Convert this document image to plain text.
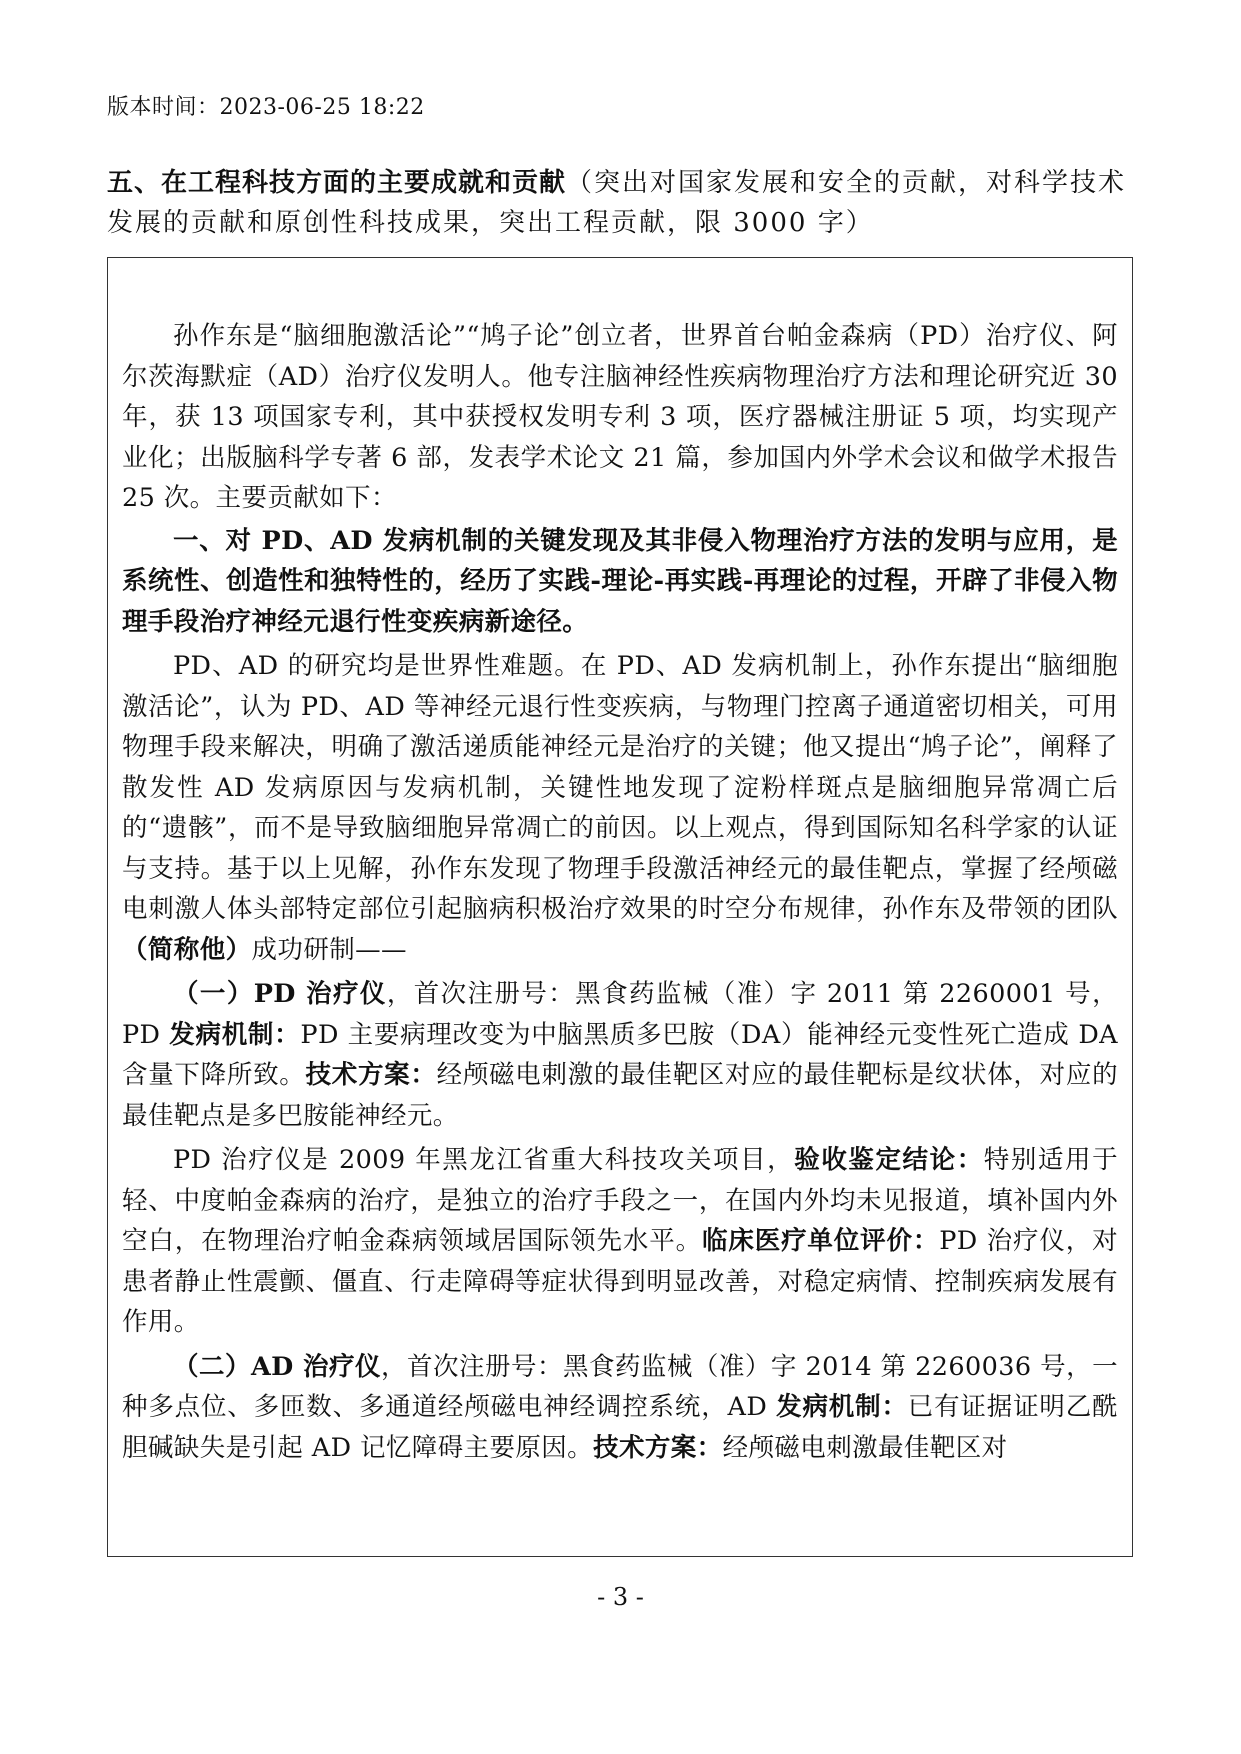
版本时间：2023-06-25 18:22
五、在工程科技方面的主要成就和贡献（突出对国家发展和安全的贡献，对科学技术发展的贡献和原创性科技成果，突出工程贡献，限 3000 字）

孙作东是“脑细胞激活论”“鸠子论”创立者，世界首台帕金森病（PD）治疗仪、阿尔茨海默症（AD）治疗仪发明人。他专注脑神经性疾病物理治疗方法和理论研究近 30 年，获 13 项国家专利，其中获授权发明专利 3 项，医疗器械注册证 5 项，均实现产业化；出版脑科学专著 6 部，发表学术论文 21 篇，参加国内外学术会议和做学术报告 25 次。主要贡献如下：

一、对 PD、AD 发病机制的关键发现及其非侵入物理治疗方法的发明与应用，是系统性、创造性和独特性的，经历了实践-理论-再实践-再理论的过程，开辟了非侵入物理手段治疗神经元退行性变疾病新途径。

PD、AD 的研究均是世界性难题。在 PD、AD 发病机制上，孙作东提出“脑细胞激活论”，认为 PD、AD 等神经元退行性变疾病，与物理门控离子通道密切相关，可用物理手段来解决，明确了激活递质能神经元是治疗的关键；他又提出“鸠子论”，阐释了散发性 AD 发病原因与发病机制，关键性地发现了淀粉样斑点是脑细胞异常凋亡后的“遗骸”，而不是导致脑细胞异常凋亡的前因。以上观点，得到国际知名科学家的认证与支持。基于以上见解，孙作东发现了物理手段激活神经元的最佳靶点，掌握了经颅磁电刺激人体头部特定部位引起脑病积极治疗效果的时空分布规律，孙作东及带领的团队（简称他）成功研制——

（一）PD 治疗仪，首次注册号：黑食药监械（准）字 2011 第 2260001 号，PD 发病机制：PD 主要病理改变为中脑黑质多巴胺（DA）能神经元变性死亡造成 DA 含量下降所致。技术方案：经颅磁电刺激的最佳靶区对应的最佳靶标是纹状体，对应的最佳靶点是多巴胺能神经元。

PD 治疗仪是 2009 年黑龙江省重大科技攻关项目，验收鉴定结论：特别适用于轻、中度帕金森病的治疗，是独立的治疗手段之一，在国内外均未见报道，填补国内外空白，在物理治疗帕金森病领域居国际领先水平。临床医疗单位评价：PD 治疗仪，对患者静止性震颤、僵直、行走障碍等症状得到明显改善，对稳定病情、控制疾病发展有作用。

（二）AD 治疗仪，首次注册号：黑食药监械（准）字 2014 第 2260036 号，一种多点位、多匝数、多通道经颅磁电神经调控系统，AD 发病机制：已有证据证明乙酰胆碱缺失是引起 AD 记忆障碍主要原因。技术方案：经颅磁电刺激最佳靶区对

- 3 -
